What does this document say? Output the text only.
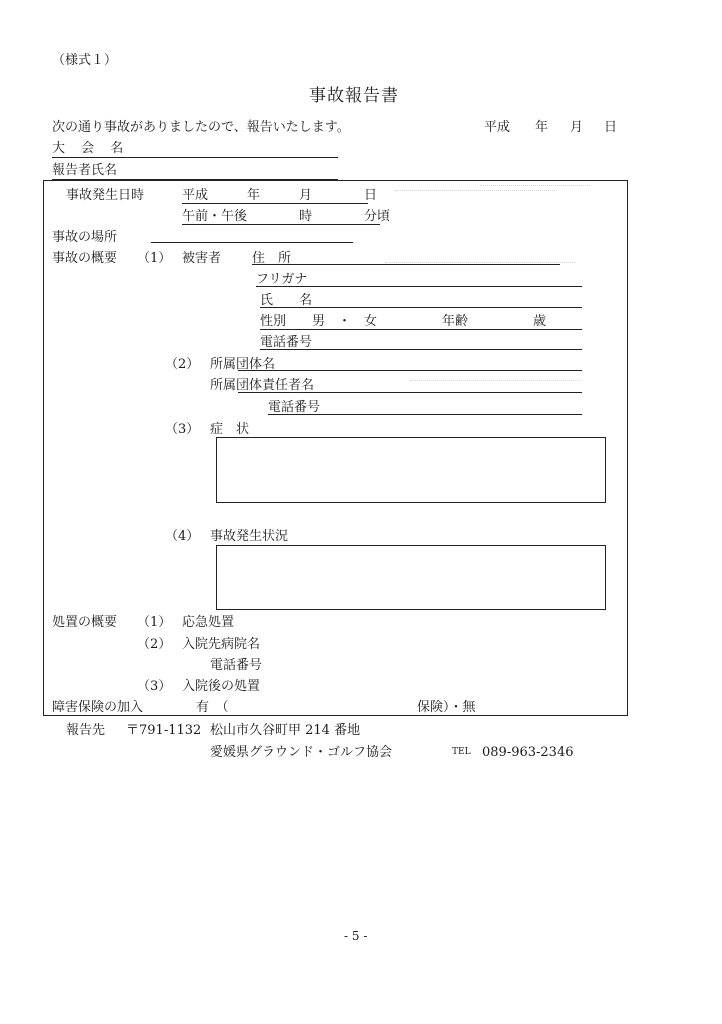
（様式１）
事故報告書
次の通り事故がありましたので、報告いたします。	平成 年 月 日
大 会 名
報告者氏名
事故発生日時	平成　　　年　　　月　　　　日
午前・午後　　　　時　　　　分頃
事故の場所
事故の概要 （1） 被害者 住　所
フリガナ
氏　　名
性別　　男　・　女　　　　　年齢　　　　　歳
電話番号
（2） 所属団体名
所属団体責任者名
電話番号
（3） 症　状
（4） 事故発生状況
処置の概要 （1） 応急処置
（2） 入院先病院名
電話番号
（3） 入院後の処置
障害保険の加入	有　（	保険）・無
報告先 〒791-1132 松山市久谷町甲 214 番地
愛媛県グラウンド・ゴルフ協会	TEL 089-963-2346
- 5 -
